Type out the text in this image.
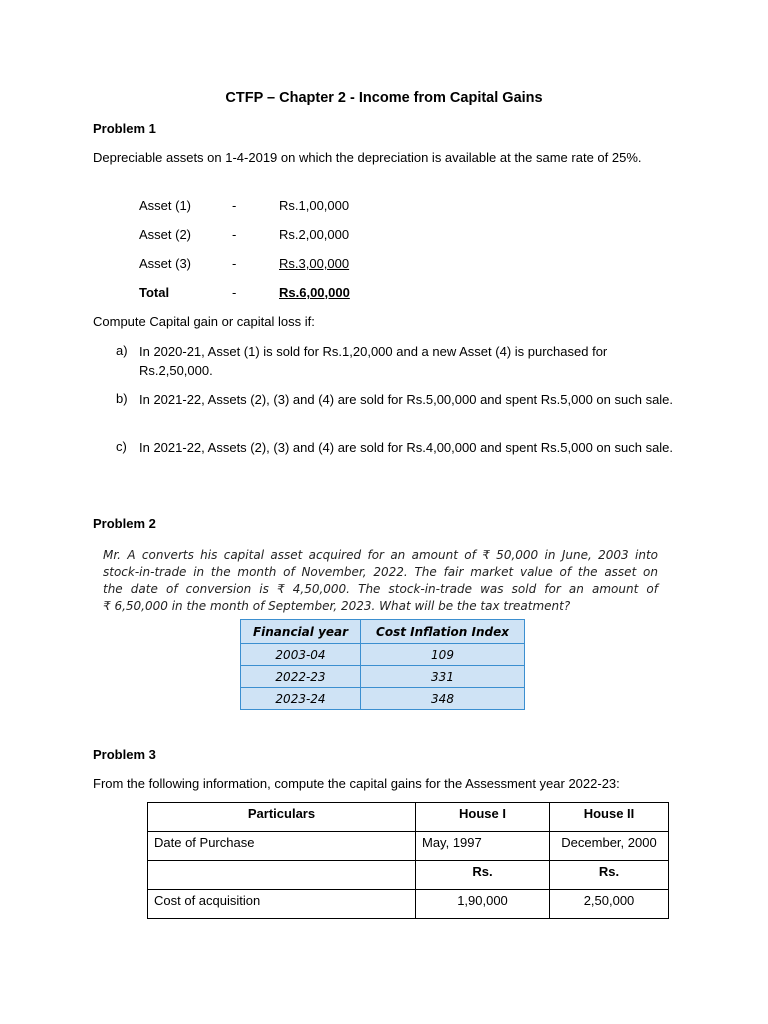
CTFP – Chapter 2 - Income from Capital Gains
Problem 1
Depreciable assets on 1-4-2019 on which the depreciation is available at the same rate of 25%.
Asset (1)	-	Rs.1,00,000
Asset (2)	-	Rs.2,00,000
Asset (3)	-	Rs.3,00,000
Total	-	Rs.6,00,000
Compute Capital gain or capital loss if:
a) In 2020-21, Asset (1) is sold for Rs.1,20,000 and a new Asset (4) is purchased for Rs.2,50,000.
b) In 2021-22, Assets (2), (3) and (4) are sold for Rs.5,00,000 and spent Rs.5,000 on such sale.
c) In 2021-22, Assets (2), (3) and (4) are sold for Rs.4,00,000 and spent Rs.5,000 on such sale.
Problem 2
Mr. A converts his capital asset acquired for an amount of ₹ 50,000 in June, 2003 into
stock-in-trade in the month of November, 2022. The fair market value of the asset on
the date of conversion is ₹ 4,50,000. The stock-in-trade was sold for an amount of
₹ 6,50,000 in the month of September, 2023. What will be the tax treatment?
Financial year	Cost Inflation Index
2003-04	109
2022-23	331
2023-24	348
Problem 3
From the following information, compute the capital gains for the Assessment year 2022-23:
Particulars	House I	House II
Date of Purchase	May, 1997	December, 2000
	Rs.	Rs.
Cost of acquisition	1,90,000	2,50,000
